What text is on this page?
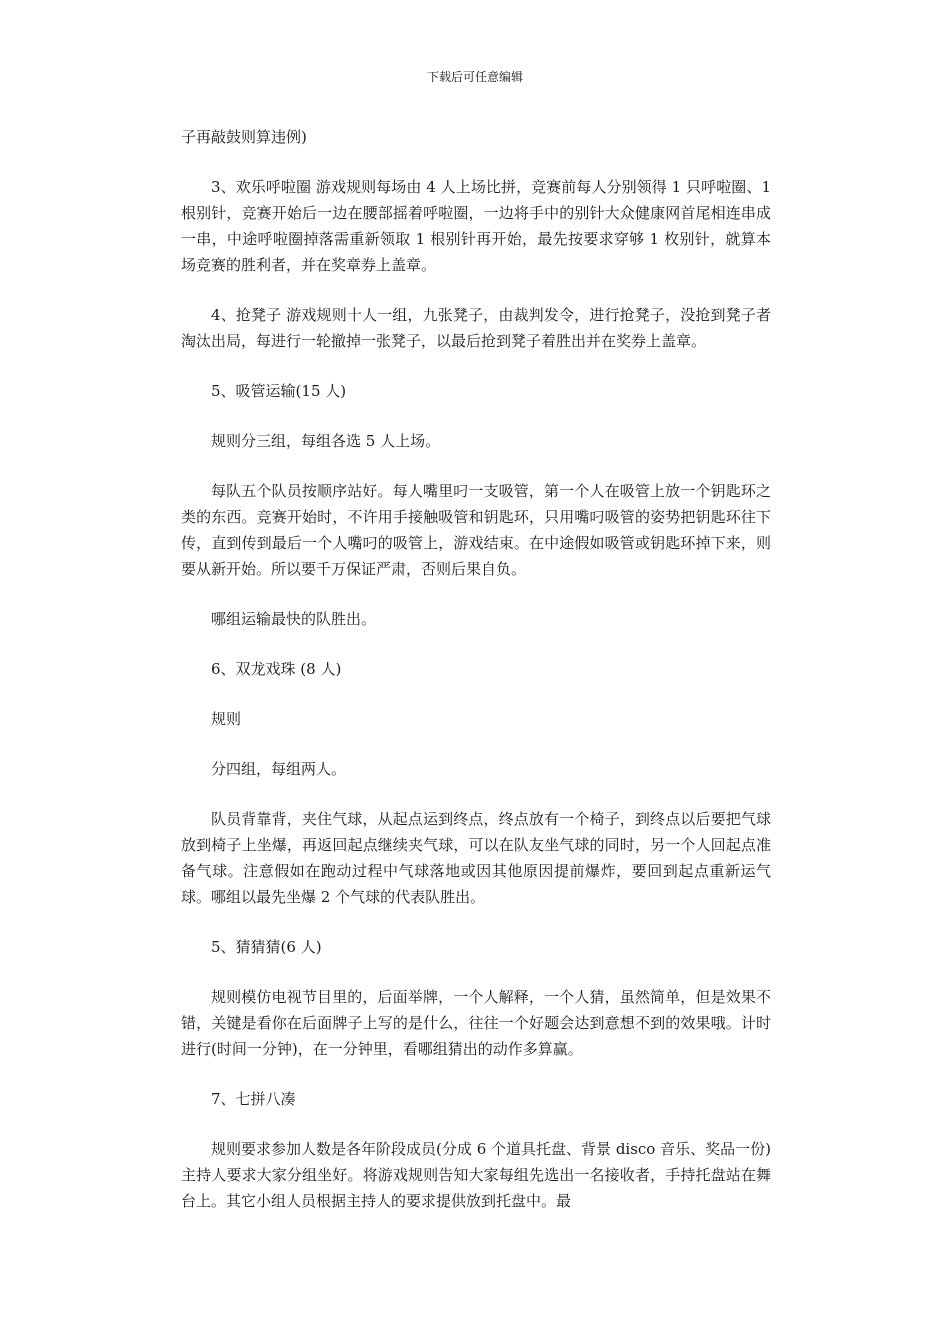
下载后可任意编辑

子再敲鼓则算违例)

3、欢乐呼啦圈 游戏规则每场由 4 人上场比拼，竞赛前每人分别领得 1 只呼啦圈、1 根别针，竞赛开始后一边在腰部摇着呼啦圈，一边将手中的别针大众健康网首尾相连串成一串，中途呼啦圈掉落需重新领取 1 根别针再开始，最先按要求穿够 1 枚别针，就算本场竞赛的胜利者，并在奖章券上盖章。

4、抢凳子 游戏规则十人一组，九张凳子，由裁判发令，进行抢凳子，没抢到凳子者淘汰出局，每进行一轮撤掉一张凳子，以最后抢到凳子着胜出并在奖券上盖章。

5、吸管运输(15 人)

规则分三组，每组各选 5 人上场。

每队五个队员按顺序站好。每人嘴里叼一支吸管，第一个人在吸管上放一个钥匙环之类的东西。竞赛开始时，不许用手接触吸管和钥匙环，只用嘴叼吸管的姿势把钥匙环往下传，直到传到最后一个人嘴叼的吸管上，游戏结束。在中途假如吸管或钥匙环掉下来，则要从新开始。所以要千万保证严肃，否则后果自负。

哪组运输最快的队胜出。

6、双龙戏珠 (8 人)

规则

分四组，每组两人。

队员背靠背，夹住气球，从起点运到终点，终点放有一个椅子，到终点以后要把气球放到椅子上坐爆，再返回起点继续夹气球，可以在队友坐气球的同时，另一个人回起点准备气球。注意假如在跑动过程中气球落地或因其他原因提前爆炸，要回到起点重新运气球。哪组以最先坐爆 2 个气球的代表队胜出。

5、猜猜猜(6 人)

规则模仿电视节目里的，后面举牌，一个人解释，一个人猜，虽然简单，但是效果不错，关键是看你在后面牌子上写的是什么，往往一个好题会达到意想不到的效果哦。计时进行(时间一分钟)，在一分钟里，看哪组猜出的动作多算赢。

7、七拼八凑

规则要求参加人数是各年阶段成员(分成 6 个道具托盘、背景 disco 音乐、奖品一份)主持人要求大家分组坐好。将游戏规则告知大家每组先选出一名接收者，手持托盘站在舞台上。其它小组人员根据主持人的要求提供放到托盘中。最
